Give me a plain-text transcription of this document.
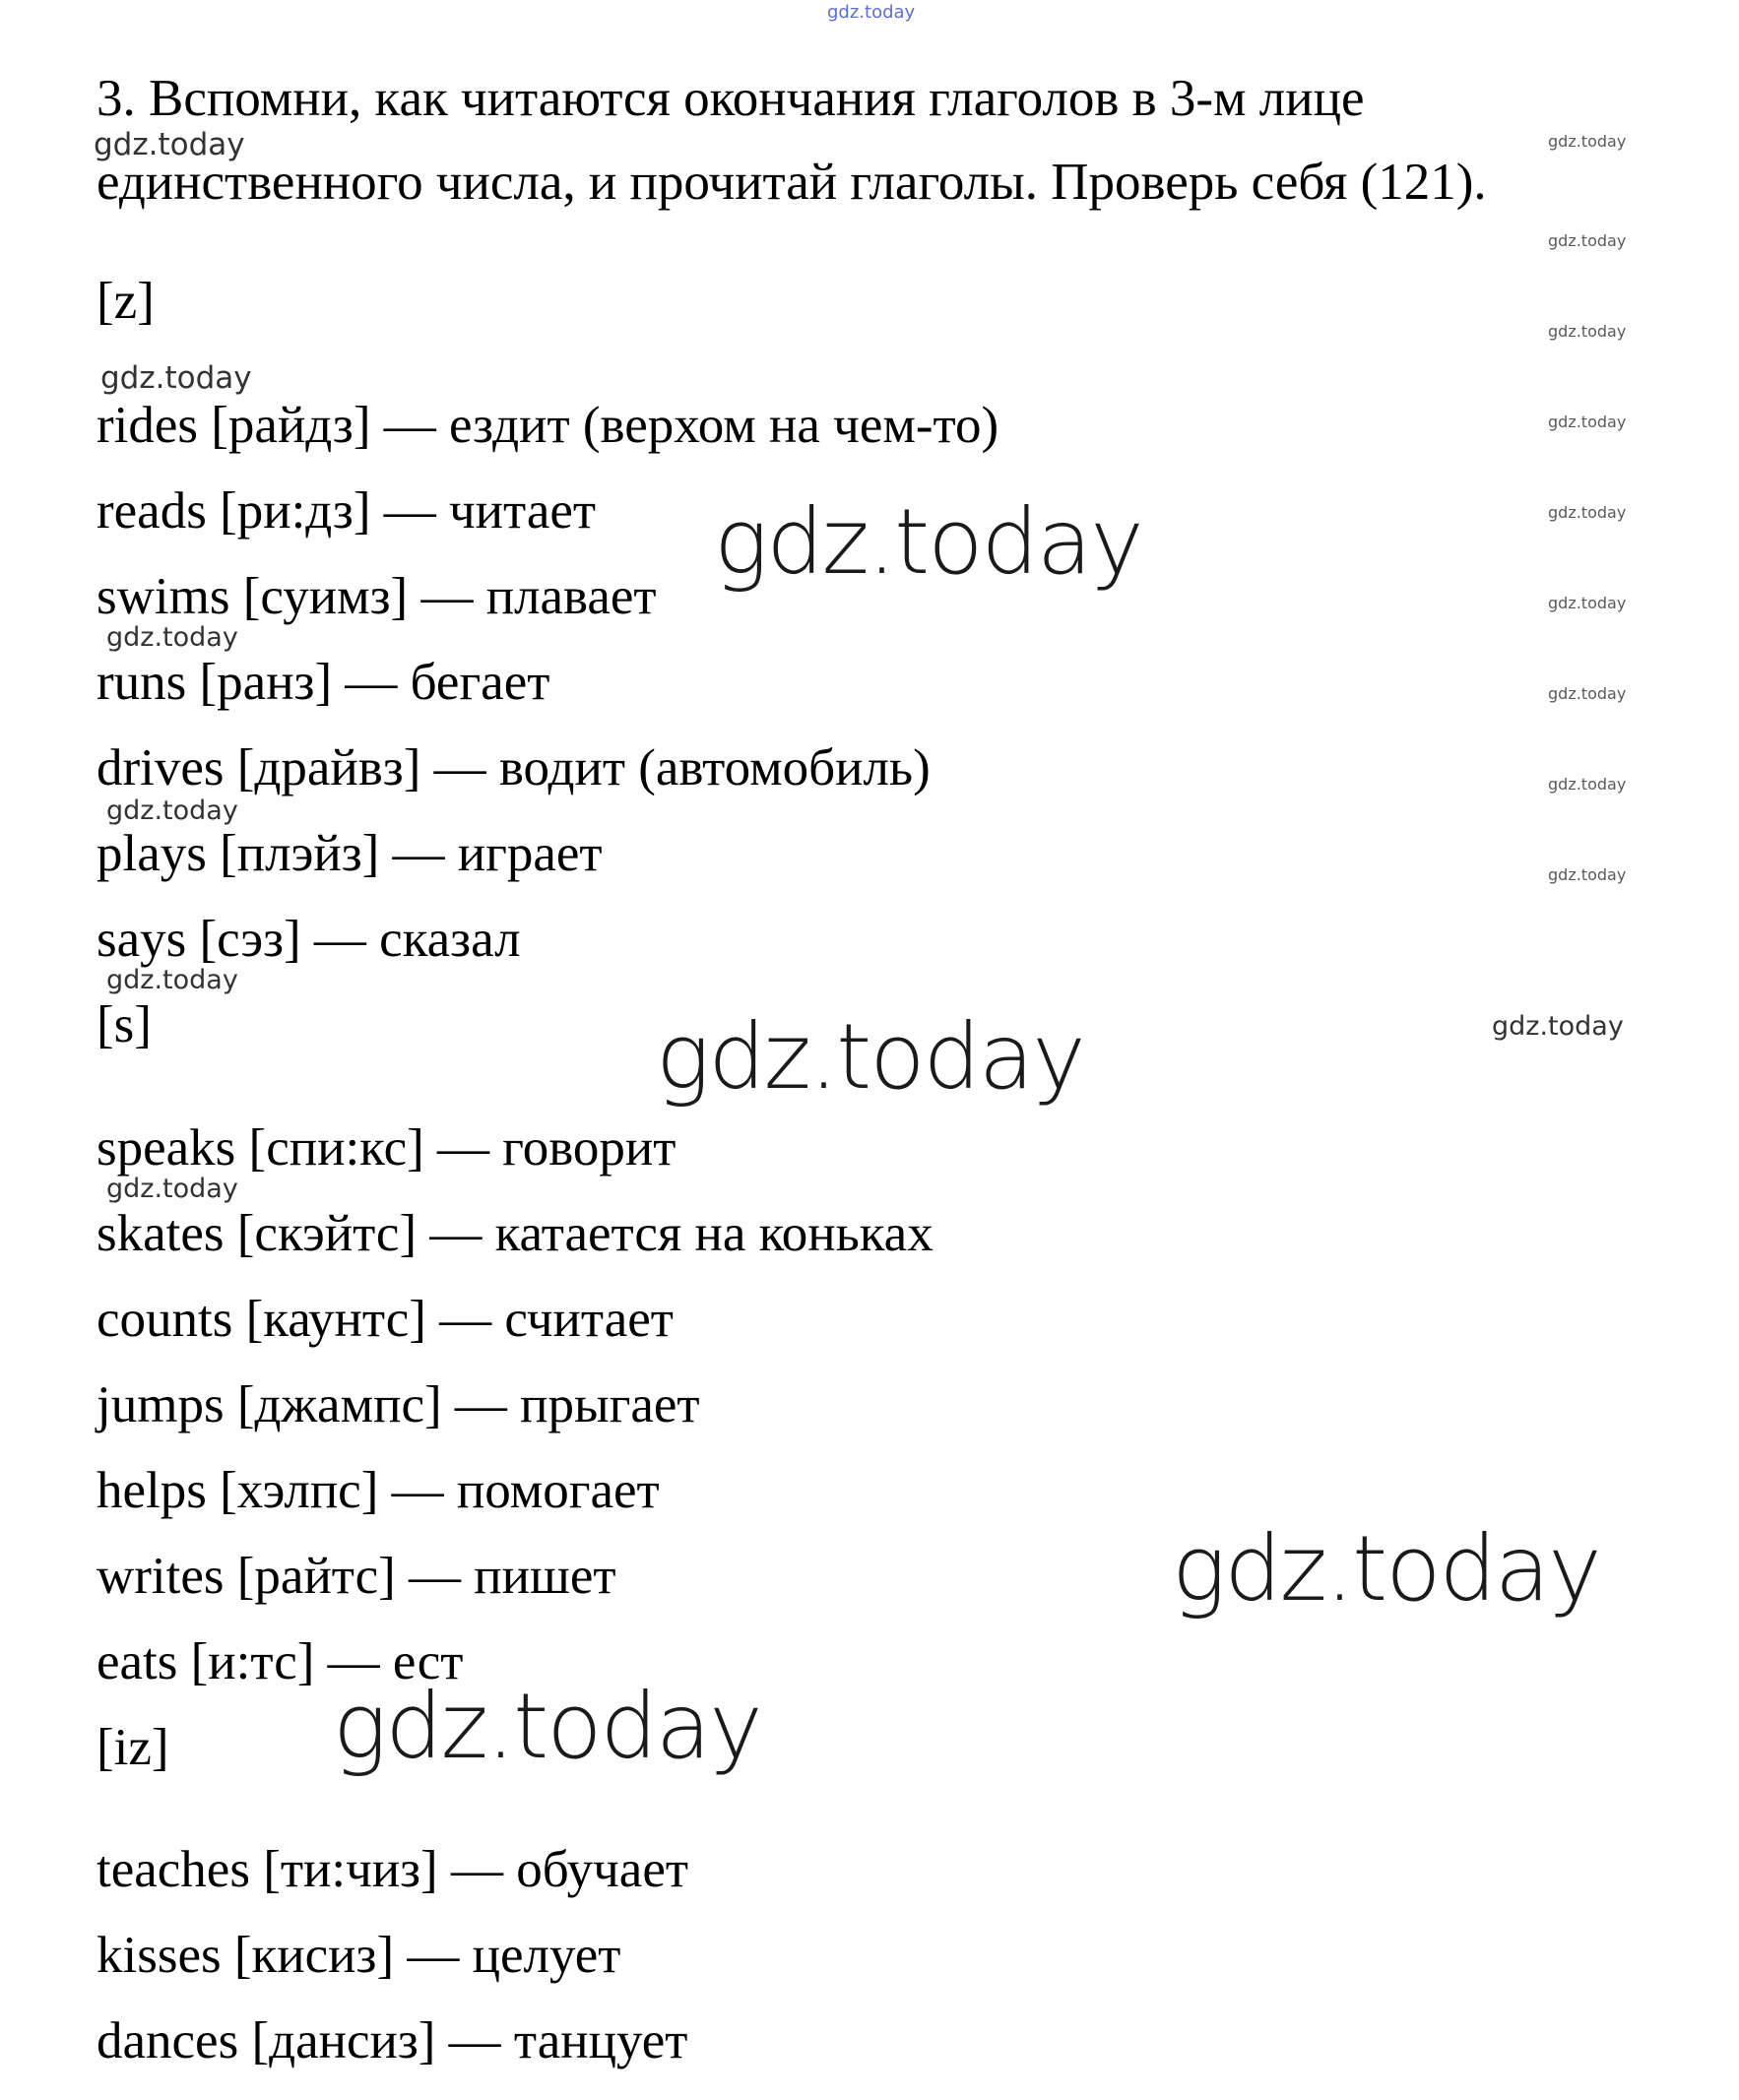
gdz.today

3. Вспомни, как читаются окончания глаголов в 3-м лице
единственного числа, и прочитай глаголы. Проверь себя (121).

[z]
rides [райдз] — ездит (верхом на чем-то)
reads [ри:дз] — читает
swims [суимз] — плавает
runs [ранз] — бегает
drives [драйвз] — водит (автомобиль)
plays [плэйз] — играет
says [сэз] — сказал
[s]
speaks [спи:кс] — говорит
skates [скэйтс] — катается на коньках
counts [каунтс] — считает
jumps [джампс] — прыгает
helps [хэлпс] — помогает
writes [райтс] — пишет
eats [и:тс] — ест
[iz]
teaches [ти:чиз] — обучает
kisses [кисиз] — целует
dances [дансиз] — танцует
gdz.today
gdz.today
gdz.today
gdz.today
gdz.today
gdz.today
gdz.today
gdz.today
gdz.today
gdz.today
gdz.today
gdz.today
gdz.today
gdz.today
gdz.today
gdz.today
gdz.today
gdz.today
gdz.today
gdz.today
